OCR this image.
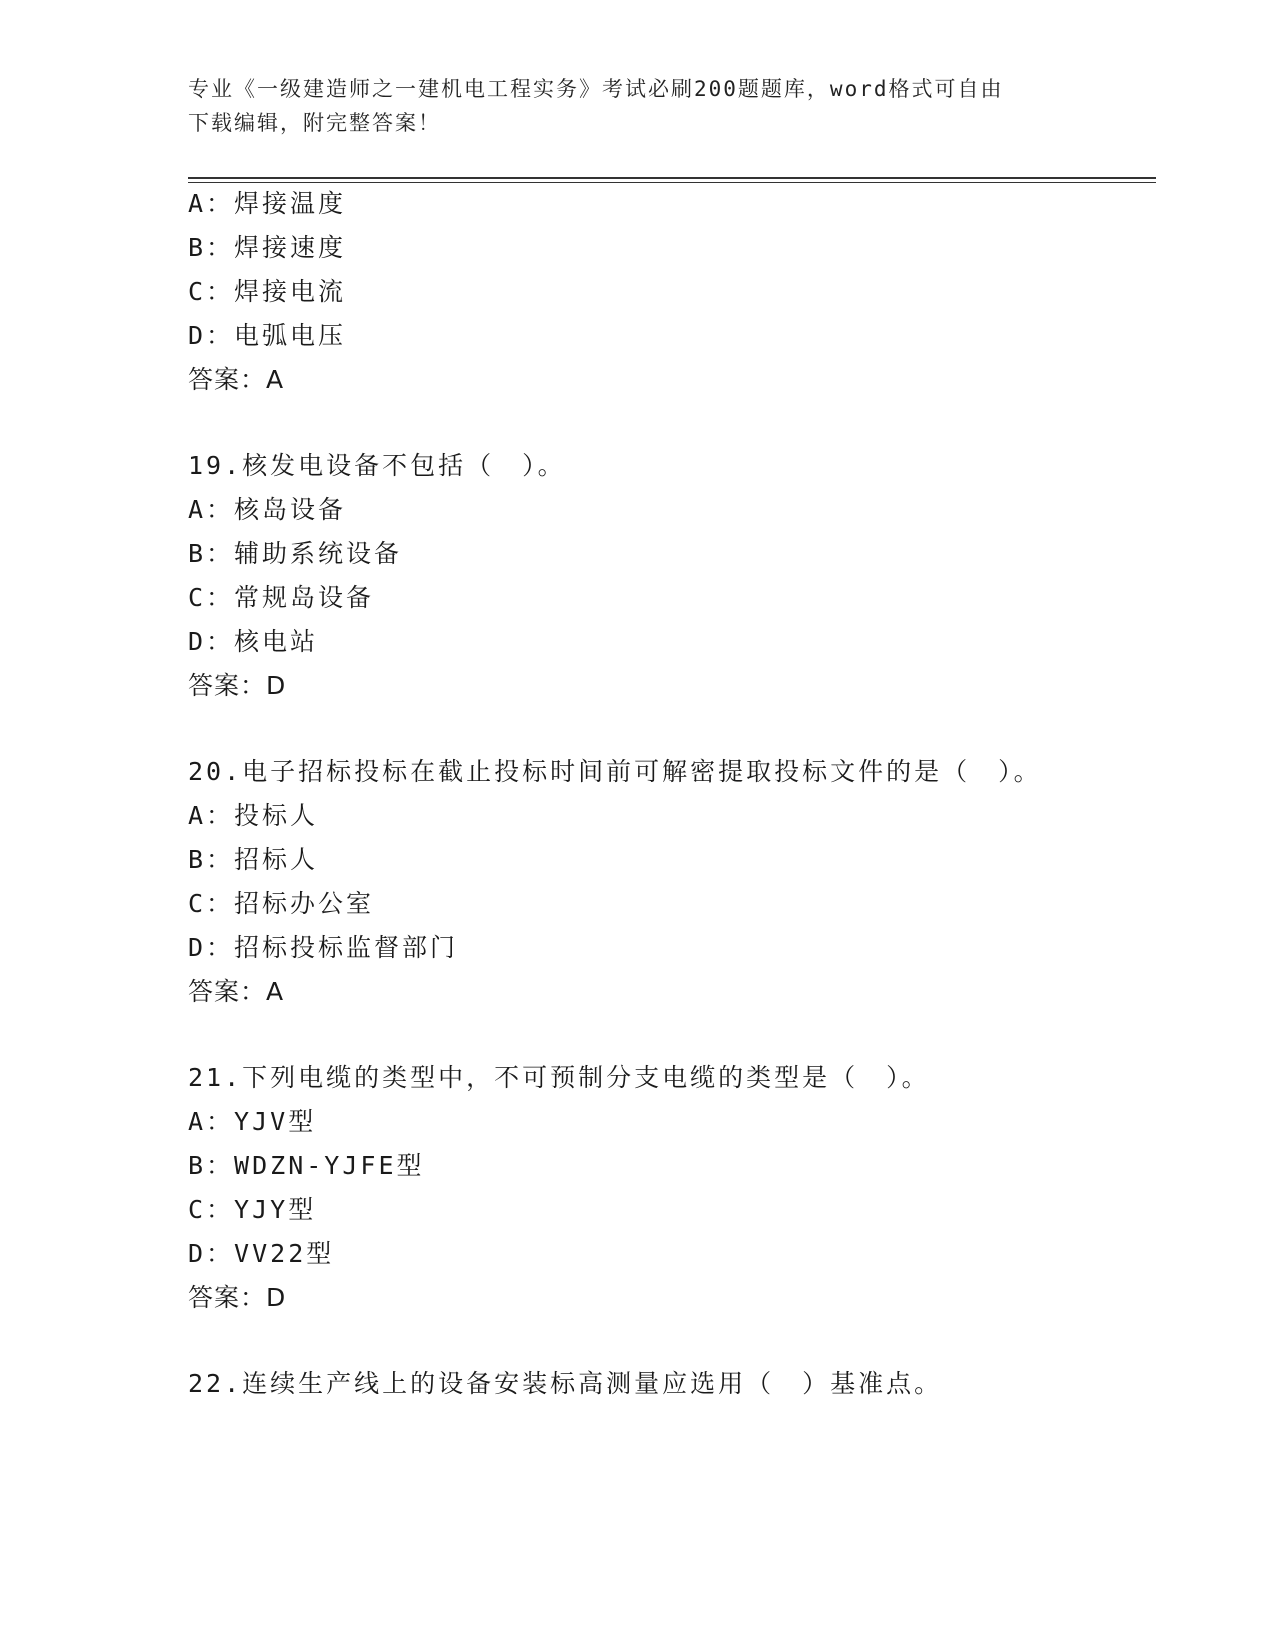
专业《一级建造师之一建机电工程实务》考试必刷200题题库，word格式可自由
下载编辑，附完整答案！
A：焊接温度
B：焊接速度
C：焊接电流
D：电弧电压
答案：A
19.核发电设备不包括（　）。
A：核岛设备
B：辅助系统设备
C：常规岛设备
D：核电站
答案：D
20.电子招标投标在截止投标时间前可解密提取投标文件的是（　）。
A：投标人
B：招标人
C：招标办公室
D：招标投标监督部门
答案：A
21.下列电缆的类型中，不可预制分支电缆的类型是（　）。
A：YJV型
B：WDZN-YJFE型
C：YJY型
D：VV22型
答案：D
22.连续生产线上的设备安装标高测量应选用（　）基准点。
